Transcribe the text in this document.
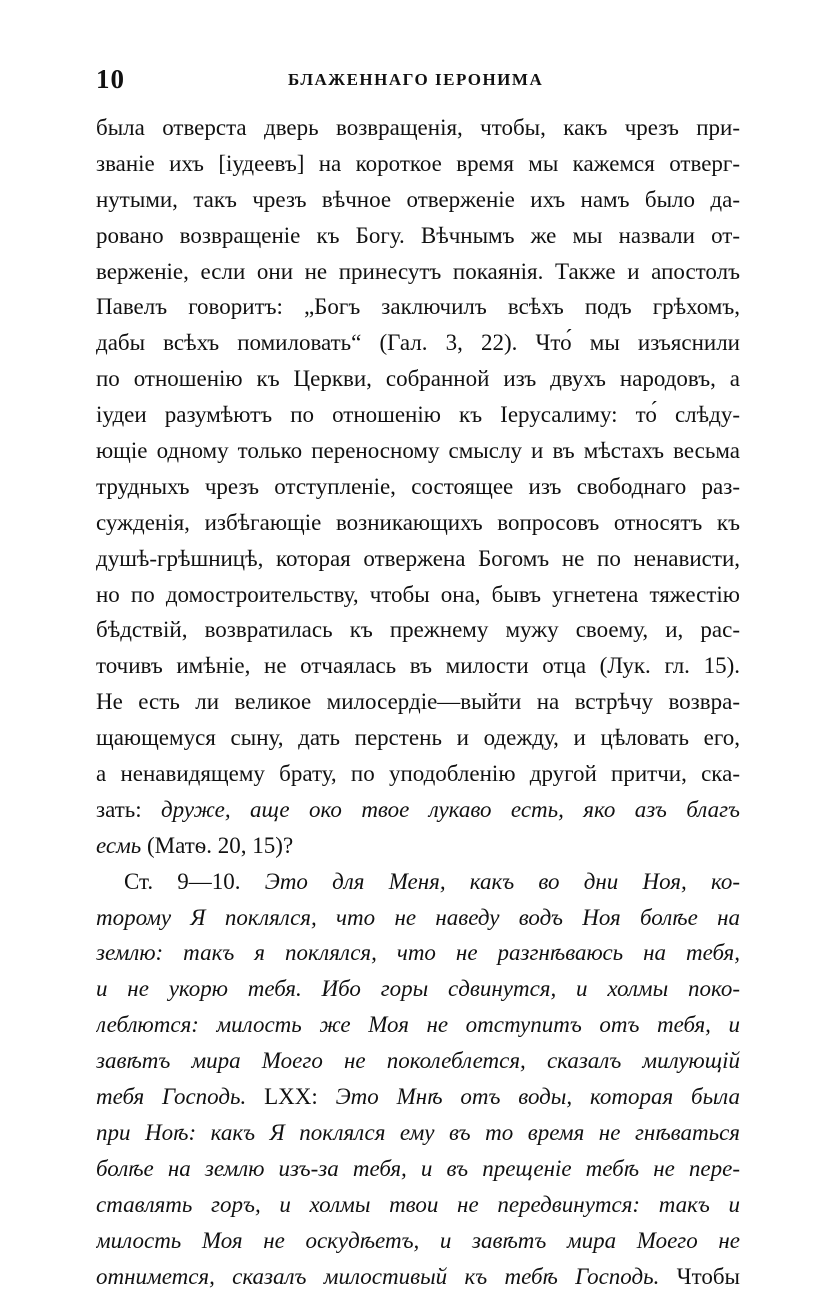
10	БЛАЖЕННАГО IЕРОНИМА
была отверста дверь возвращенія, чтобы, какъ чрезъ при-
званіе ихъ [іудеевъ] на короткое время мы кажемся отверг-
нутыми, такъ чрезъ вѣчное отверженіе ихъ намъ было да-
ровано возвращеніе къ Богу. Вѣчнымъ же мы назвали от-
верженіе, если они не принесутъ покаянія. Также и апостолъ
Павелъ говоритъ: „Богъ заключилъ всѣхъ подъ грѣхомъ,
дабы всѣхъ помиловать“ (Гал. 3, 22). Что́ мы изъяснили
по отношенію къ Церкви, собранной изъ двухъ народовъ, а
іудеи разумѣютъ по отношенію къ Іерусалиму: то́ слѣду-
ющіе одному только переносному смыслу и въ мѣстахъ весьма
трудныхъ чрезъ отступленіе, состоящее изъ свободнаго раз-
сужденія, избѣгающіе возникающихъ вопросовъ относятъ къ
душѣ-грѣшницѣ, которая отвержена Богомъ не по ненависти,
но по домостроительству, чтобы она, бывъ угнетена тяжестію
бѣдствій, возвратилась къ прежнему мужу своему, и, рас-
точивъ имѣніе, не отчаялась въ милости отца (Лук. гл. 15).
Не есть ли великое милосердіе—выйти на встрѣчу возвра-
щающемуся сыну, дать перстень и одежду, и цѣловать его,
а ненавидящему брату, по уподобленію другой притчи, ска-
зать: друже, аще око твое лукаво есть, яко азъ благъ
есмь (Матѳ. 20, 15)?
Ст. 9—10. Это для Меня, какъ во дни Ноя, ко-
торому Я поклялся, что не наведу водъ Ноя болѣе на
землю: такъ я поклялся, что не разгнѣваюсь на тебя,
и не укорю тебя. Ибо горы сдвинутся, и холмы поко-
леблются: милость же Моя не отступитъ отъ тебя, и
завѣтъ мира Моего не поколеблется, сказалъ милующій
тебя Господь. LXX: Это Мнѣ отъ воды, которая была
при Ноѣ: какъ Я поклялся ему въ то время не гнѣваться
болѣе на землю изъ-за тебя, и въ прещеніе тебѣ не пере-
ставлять горъ, и холмы твои не передвинутся: такъ и
милость Моя не оскудѣетъ, и завѣтъ мира Моего не
отнимется, сказалъ милостивый къ тебѣ Господь. Чтобы
